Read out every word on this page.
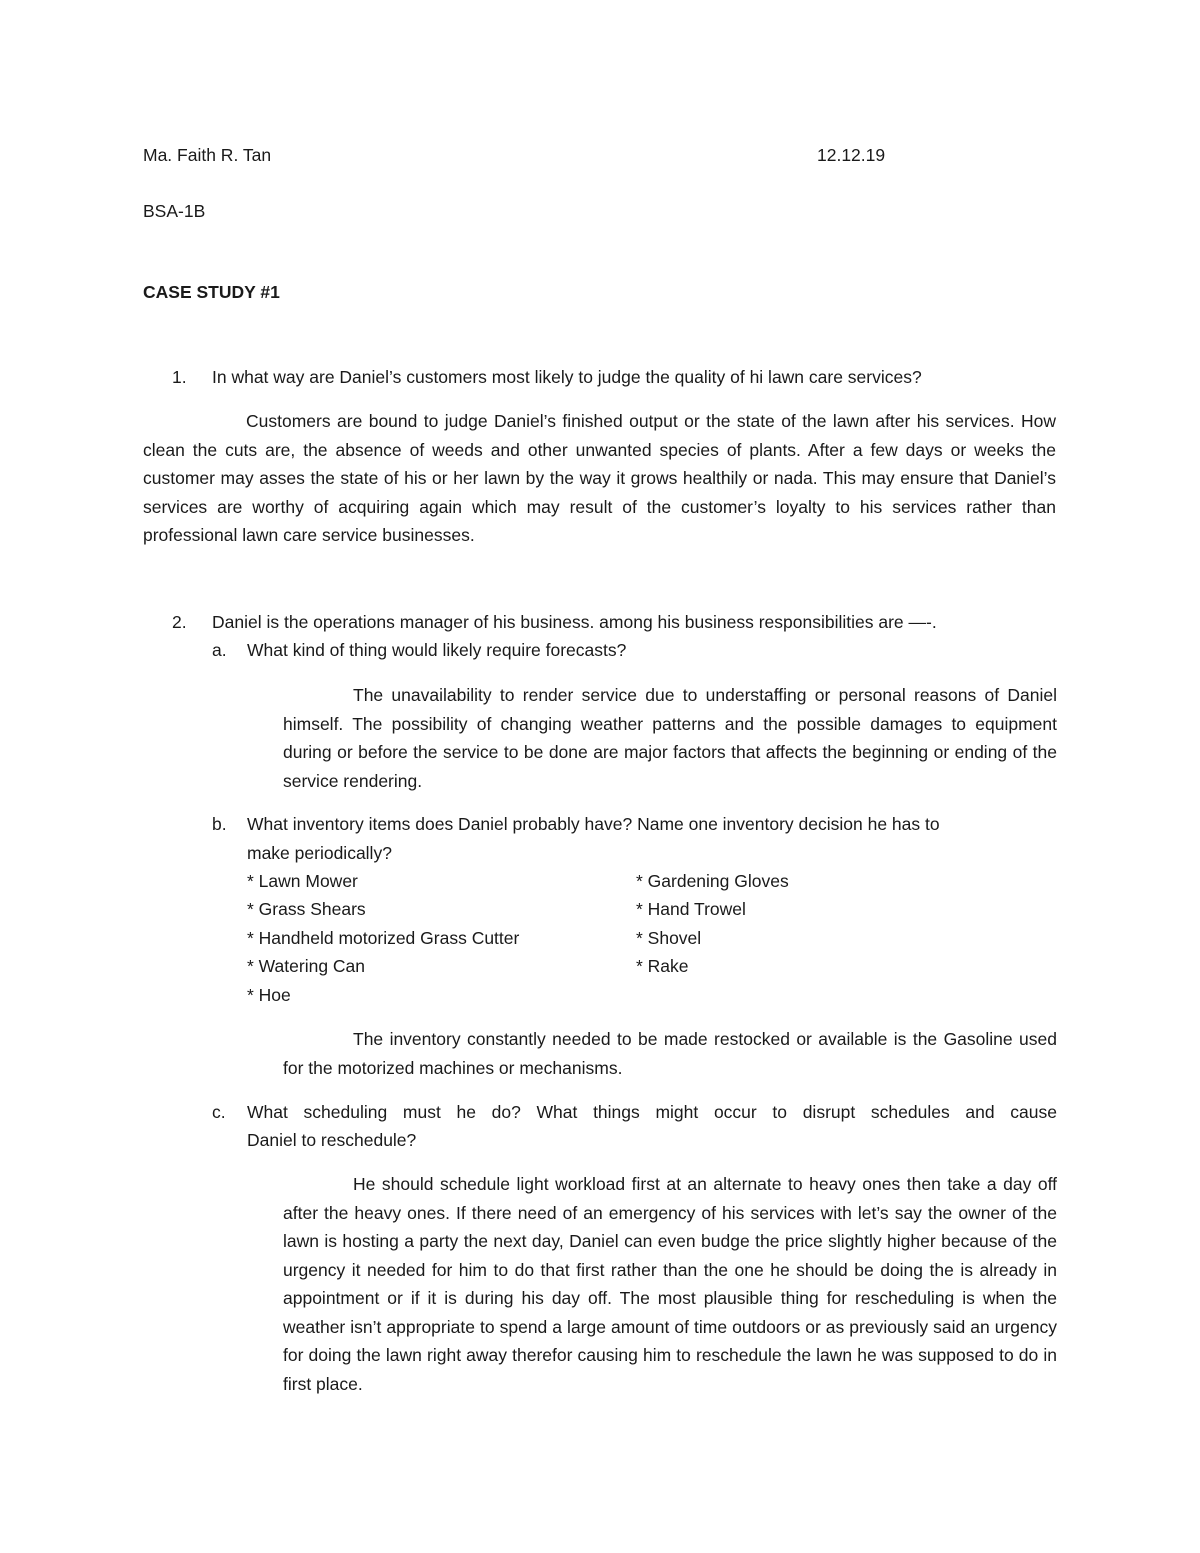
Ma. Faith R. Tan	12.12.19
BSA-1B
CASE STUDY #1
1. In what way are Daniel’s customers most likely to judge the quality of hi lawn care services?
Customers are bound to judge Daniel’s finished output or the state of the lawn after his services. How clean the cuts are, the absence of weeds and other unwanted species of plants. After a few days or weeks the customer may asses the state of his or her lawn by the way it grows healthily or nada. This may ensure that Daniel’s services are worthy of acquiring again which may result of the customer’s loyalty to his services rather than professional lawn care service businesses.
2. Daniel is the operations manager of his business. among his business responsibilities are —-.
a. What kind of thing would likely require forecasts?
The unavailability to render service due to understaffing or personal reasons of Daniel himself. The possibility of changing weather patterns and the possible damages to equipment during or before the service to be done are major factors that affects the beginning or ending of the service rendering.
b. What inventory items does Daniel probably have? Name one inventory decision he has to
make periodically?
* Lawn Mower
* Grass Shears
* Handheld motorized Grass Cutter
* Watering Can
* Hoe
* Gardening Gloves
* Hand Trowel
* Shovel
* Rake
The inventory constantly needed to be made restocked or available is the Gasoline used for the motorized machines or mechanisms.
c. What scheduling must he do? What things might occur to disrupt schedules and cause
Daniel to reschedule?
He should schedule light workload first at an alternate to heavy ones then take a day off after the heavy ones. If there need of an emergency of his services with let’s say the owner of the lawn is hosting a party the next day, Daniel can even budge the price slightly higher because of the urgency it needed for him to do that first rather than the one he should be doing the is already in appointment or if it is during his day off. The most plausible thing for rescheduling is when the weather isn’t appropriate to spend a large amount of time outdoors or as previously said an urgency for doing the lawn right away therefor causing him to reschedule the lawn he was supposed to do in first place.
